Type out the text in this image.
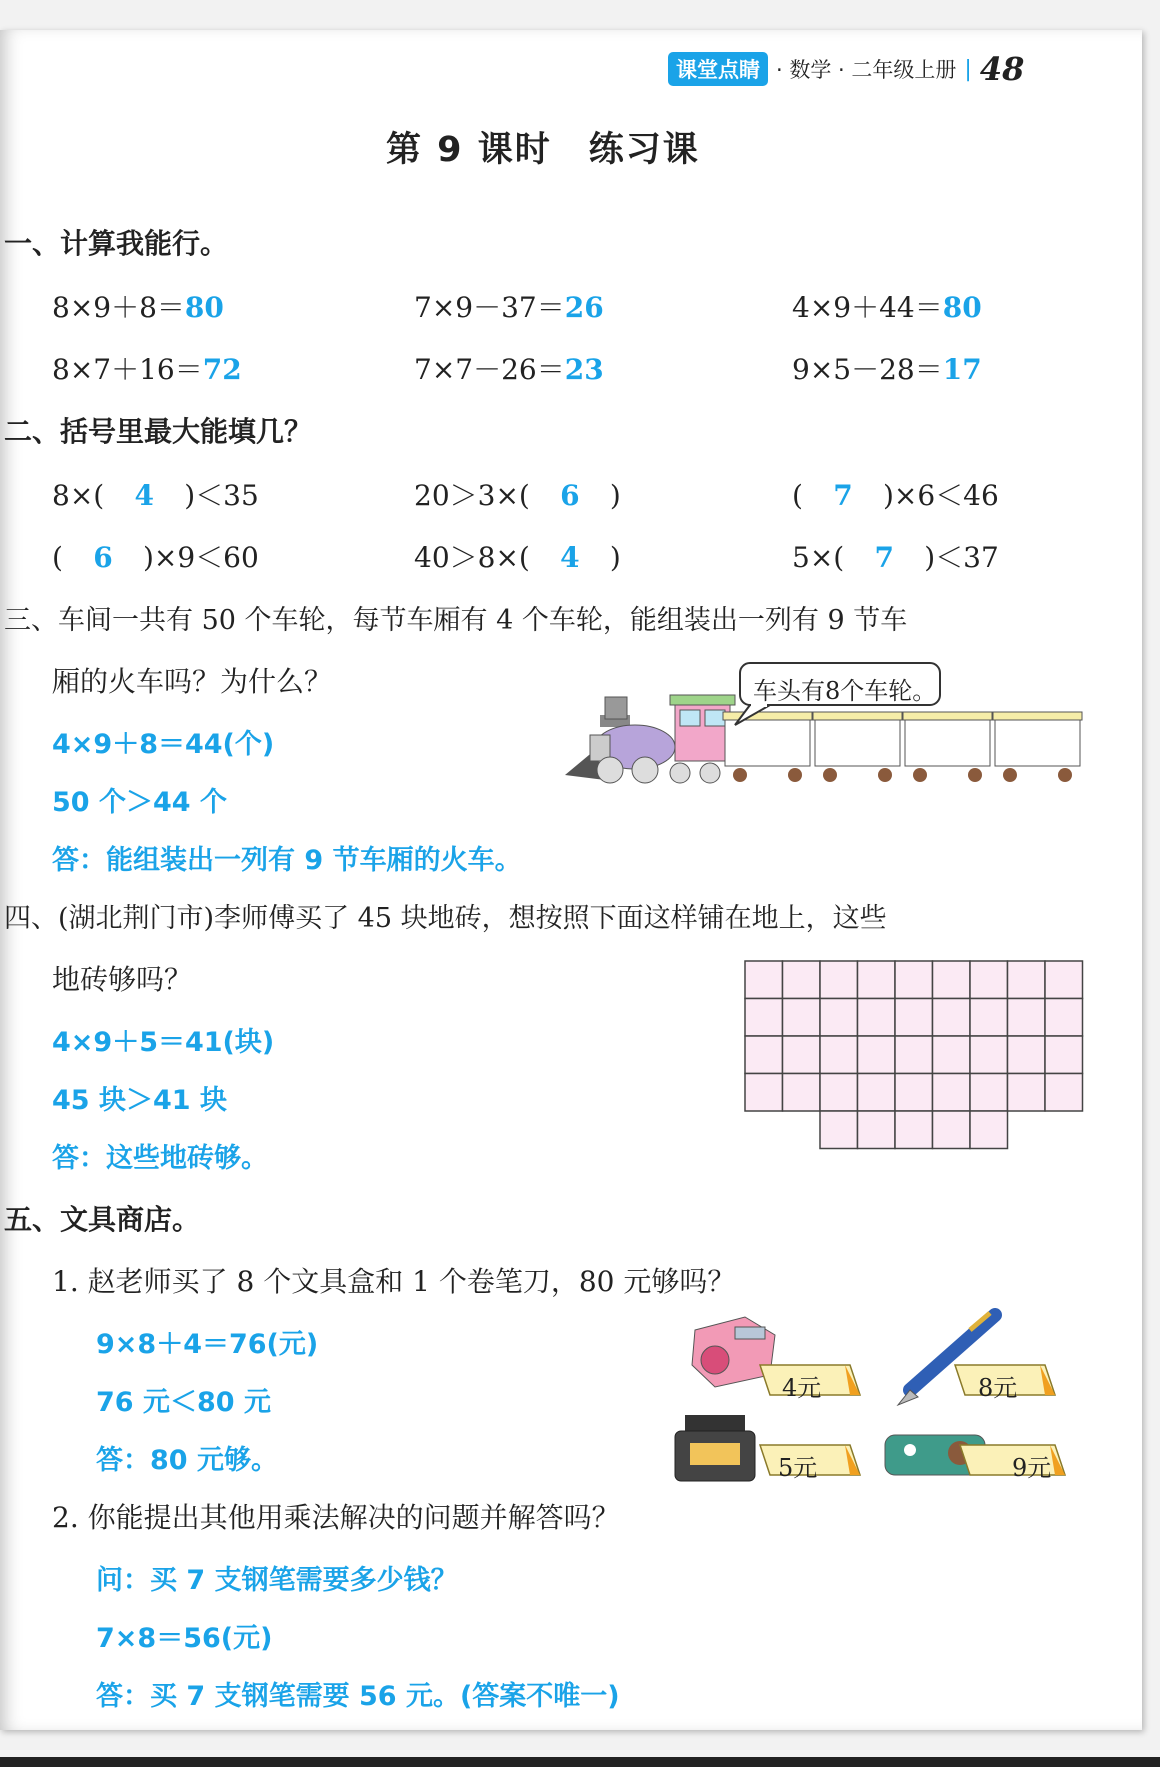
课堂点睛 · 数学 · 二年级上册 | 48
第 9 课时　练习课
一、计算我能行。
8×9＋8＝80	7×9－37＝26	4×9＋44＝80
8×7＋16＝72	7×7－26＝23	9×5－28＝17
二、括号里最大能填几？
8×( 4 )＜35	20＞3×( 6 )	( 7 )×6＜46
( 6 )×9＜60	40＞8×( 4 )	5×( 7 )＜37
三、车间一共有 50 个车轮，每节车厢有 4 个车轮，能组装出一列有 9 节车
厢的火车吗？为什么？
4×9＋8＝44(个)
50 个＞44 个
答：能组装出一列有 9 节车厢的火车。
车头有8个车轮。
四、(湖北荆门市)李师傅买了 45 块地砖，想按照下面这样铺在地上，这些
地砖够吗？
4×9＋5＝41(块)
45 块＞41 块
答：这些地砖够。
五、文具商店。
1. 赵老师买了 8 个文具盒和 1 个卷笔刀，80 元够吗？
9×8＋4＝76(元)
76 元＜80 元
答：80 元够。
4元	8元
5元	9元
2. 你能提出其他用乘法解决的问题并解答吗？
问：买 7 支钢笔需要多少钱？
7×8＝56(元)
答：买 7 支钢笔需要 56 元。(答案不唯一)
